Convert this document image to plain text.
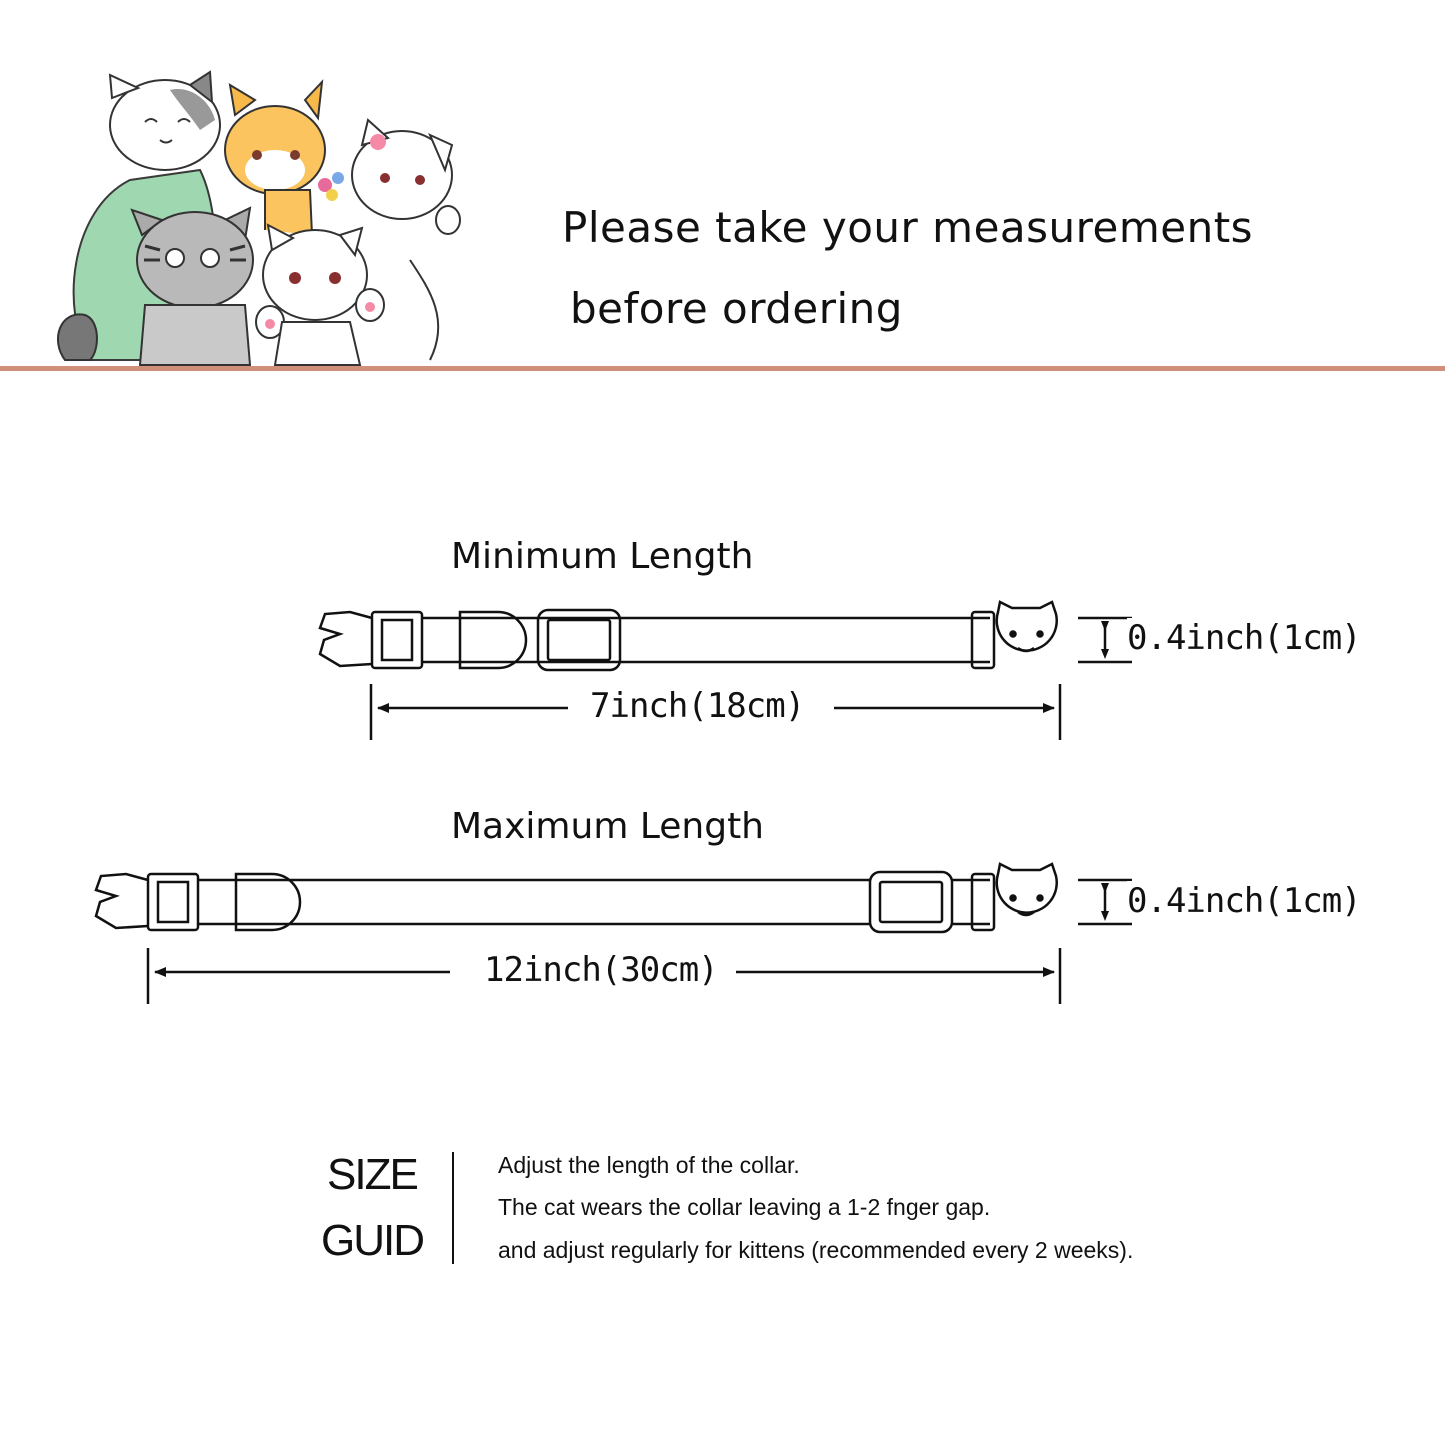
Please take your measurements
before ordering
Minimum Length
7inch(18cm)
0.4inch(1cm)
Maximum Length
12inch(30cm)
0.4inch(1cm)
SIZE
GUID
Adjust the length of the collar.
The cat wears the collar leaving a 1-2 fnger gap.
and adjust regularly for kittens (recommended every 2 weeks).
